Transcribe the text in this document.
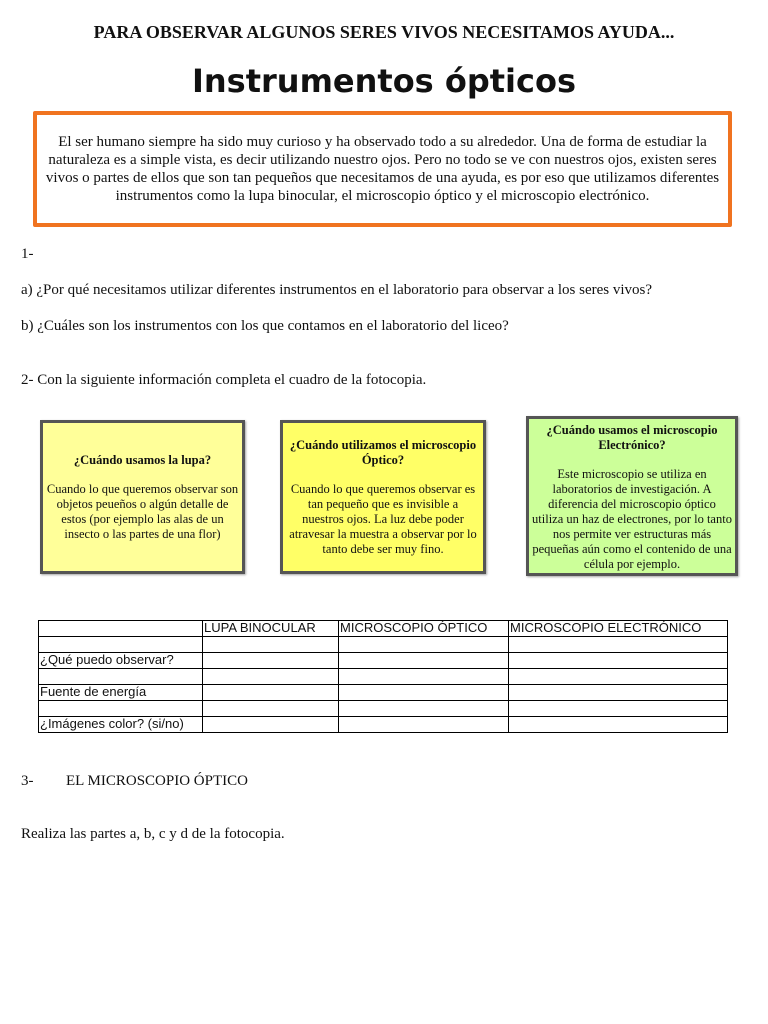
PARA OBSERVAR ALGUNOS SERES VIVOS NECESITAMOS AYUDA...
Instrumentos ópticos

El ser humano siempre ha sido muy curioso y ha observado todo a su alrededor. Una de forma de estudiar la naturaleza es a simple vista, es decir utilizando nuestro ojos. Pero no todo se ve con nuestros ojos, existen seres vivos o partes de ellos que son tan pequeños que necesitamos de una ayuda, es por eso que utilizamos diferentes instrumentos como la lupa binocular, el microscopio óptico y el microscopio electrónico.

1-
a) ¿Por qué necesitamos utilizar diferentes instrumentos en el laboratorio para observar a los seres vivos?
b) ¿Cuáles son los instrumentos con los que contamos en el laboratorio del liceo?
2- Con la siguiente información completa el cuadro de la fotocopia.
¿Cuándo usamos la lupa?
Cuando lo que queremos observar son objetos peueños o algún detalle de estos (por ejemplo las alas de un insecto o las partes de una flor)
¿Cuándo utilizamos el microscopio Óptico?
Cuando lo que queremos observar es tan pequeño que es invisible a nuestros ojos. La luz debe poder atravesar la muestra a observar por lo tanto debe ser muy fino.
¿Cuándo usamos el microscopio Electrónico?
Este microscopio se utiliza en laboratorios de investigación. A diferencia del microscopio óptico utiliza un haz de electrones, por lo tanto nos permite ver estructuras más pequeñas aún como el contenido de una célula por ejemplo.
	LUPA BINOCULAR	MICROSCOPIO ÓPTICO	MICROSCOPIO ELECTRÓNICO

¿Qué puedo observar?			

Fuente de energía			

¿Imágenes color? (si/no)			
3- EL MICROSCOPIO ÓPTICO
Realiza las partes a, b, c y d de la fotocopia.
